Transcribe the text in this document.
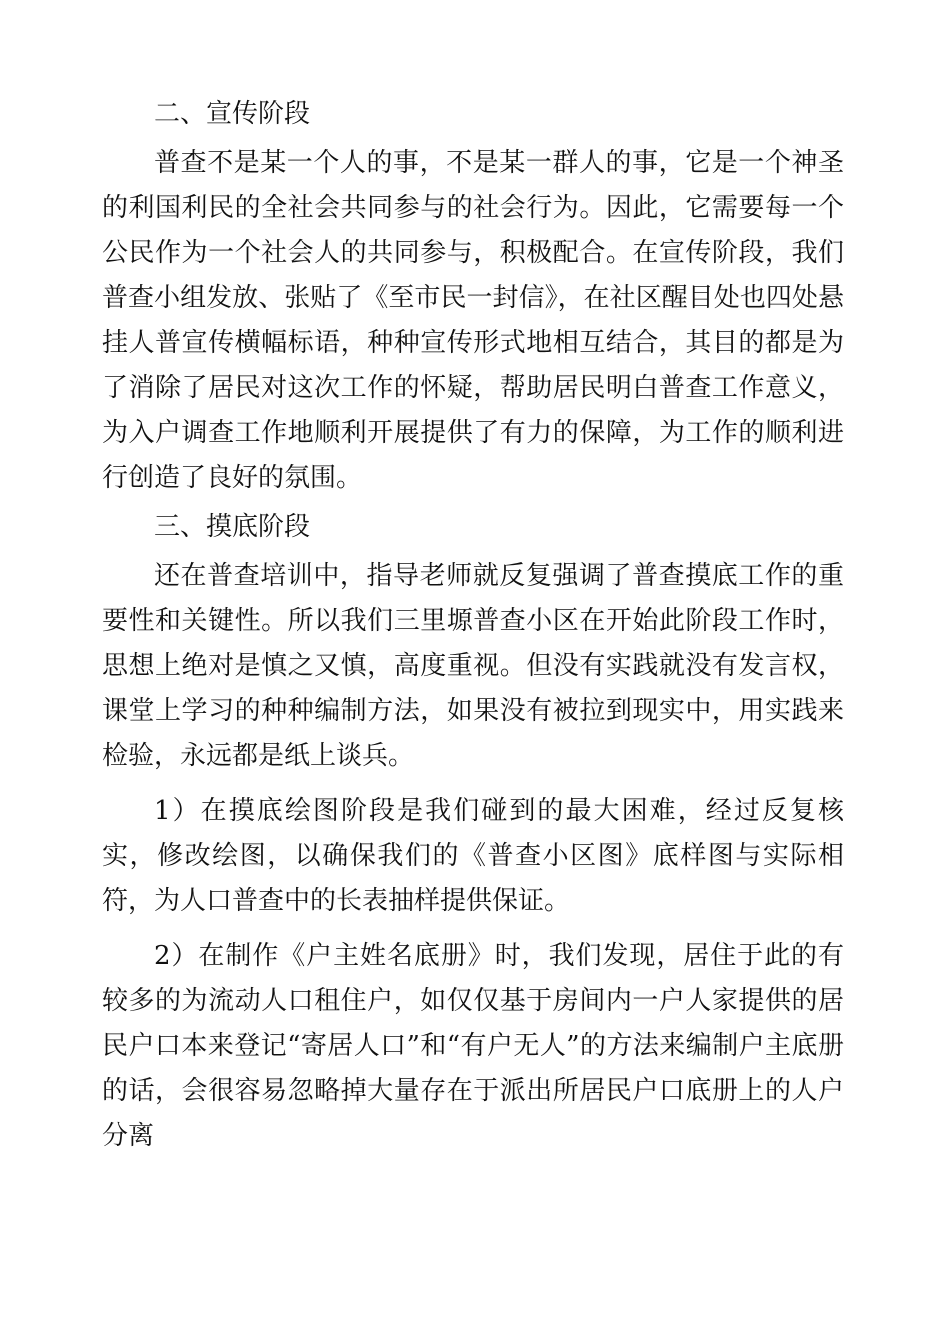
二、宣传阶段

普查不是某一个人的事，不是某一群人的事，它是一个神圣的利国利民的全社会共同参与的社会行为。因此，它需要每一个公民作为一个社会人的共同参与，积极配合。在宣传阶段，我们普查小组发放、张贴了《至市民一封信》，在社区醒目处也四处悬挂人普宣传横幅标语，种种宣传形式地相互结合，其目的都是为了消除了居民对这次工作的怀疑，帮助居民明白普查工作意义，为入户调查工作地顺利开展提供了有力的保障，为工作的顺利进行创造了良好的氛围。

三、摸底阶段

还在普查培训中，指导老师就反复强调了普查摸底工作的重要性和关键性。所以我们三里塬普查小区在开始此阶段工作时，思想上绝对是慎之又慎，高度重视。但没有实践就没有发言权，课堂上学习的种种编制方法，如果没有被拉到现实中，用实践来检验，永远都是纸上谈兵。

1）在摸底绘图阶段是我们碰到的最大困难，经过反复核实，修改绘图，以确保我们的《普查小区图》底样图与实际相符，为人口普查中的长表抽样提供保证。

2）在制作《户主姓名底册》时，我们发现，居住于此的有较多的为流动人口租住户，如仅仅基于房间内一户人家提供的居民户口本来登记“寄居人口”和“有户无人”的方法来编制户主底册的话，会很容易忽略掉大量存在于派出所居民户口底册上的人户分离
